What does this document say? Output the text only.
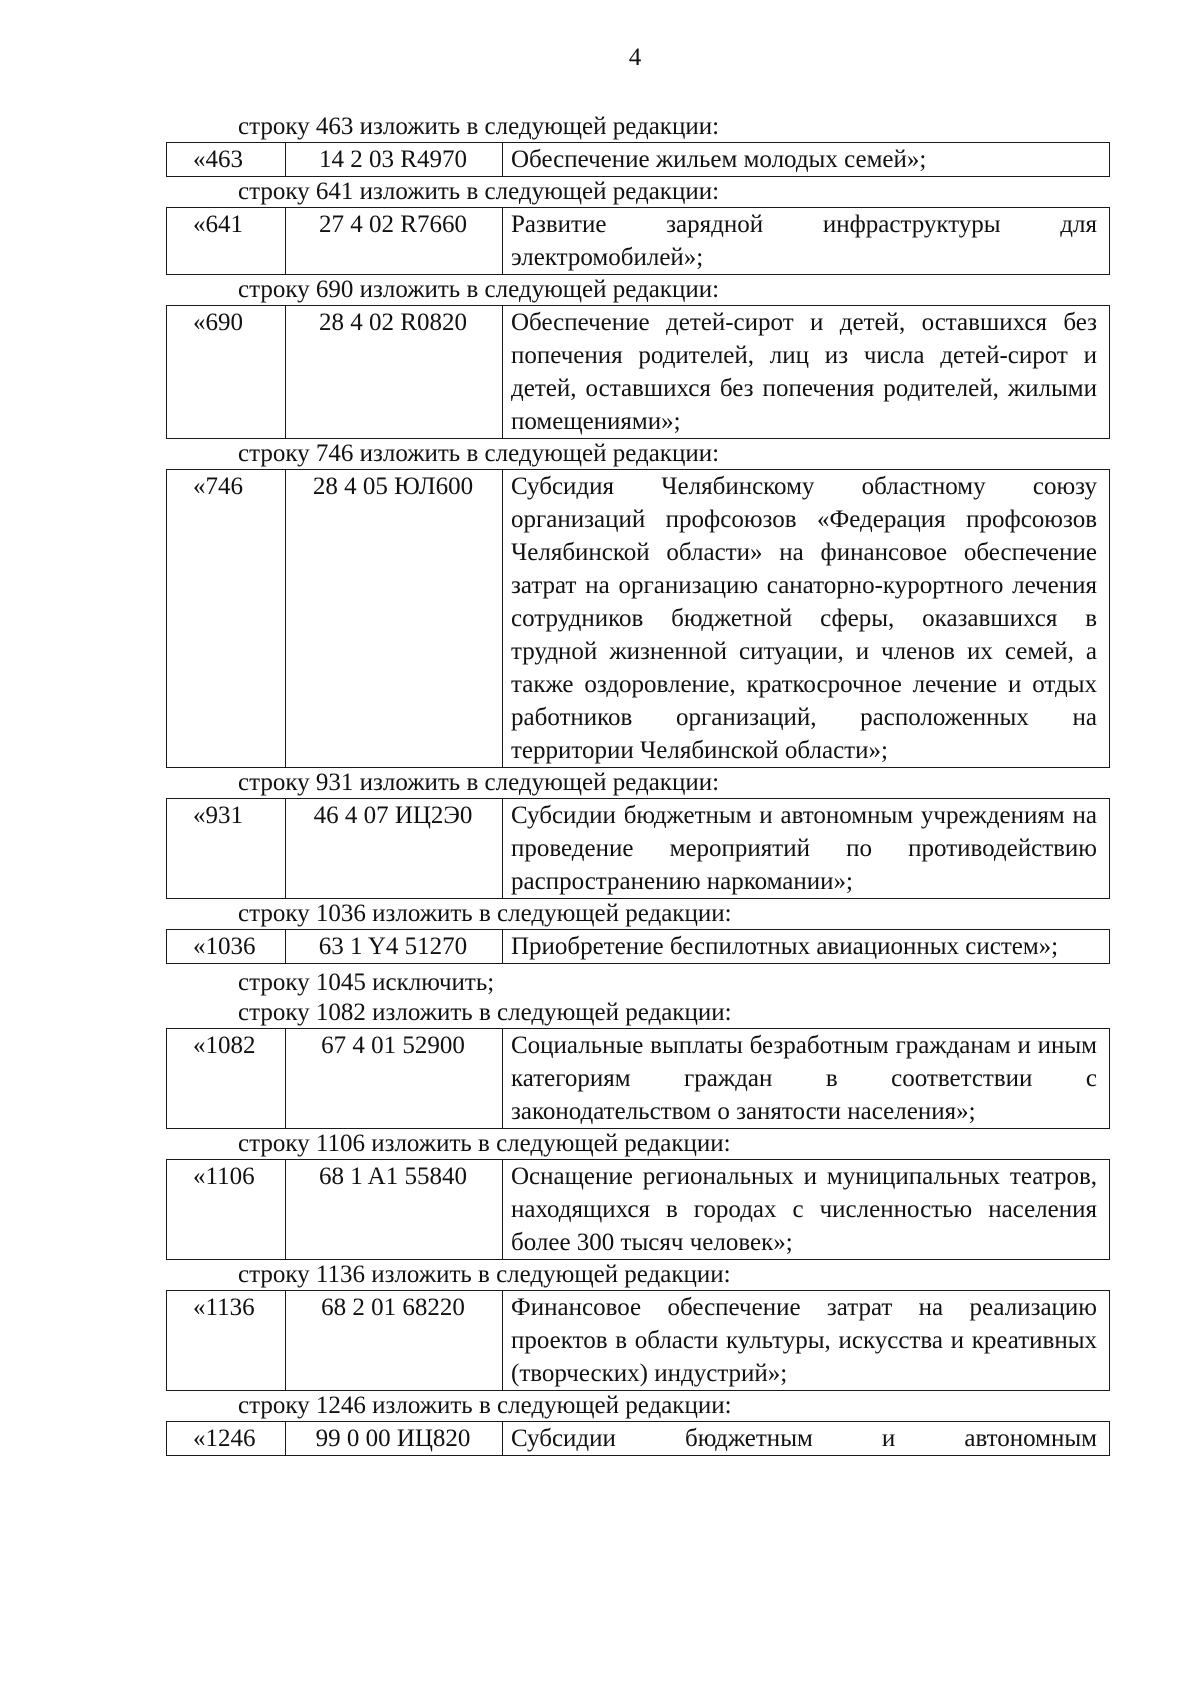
4
строку 463 изложить в следующей редакции:
«463	14 2 03 R4970	Обеспечение жильем молодых семей»;
строку 641 изложить в следующей редакции:
«641	27 4 02 R7660	Развитие зарядной инфраструктуры для электромобилей»;
строку 690 изложить в следующей редакции:
«690	28 4 02 R0820	Обеспечение детей-сирот и детей, оставшихся без попечения родителей, лиц из числа детей-сирот и детей, оставшихся без попечения родителей, жилыми помещениями»;
строку 746 изложить в следующей редакции:
«746	28 4 05 ЮЛ600	Субсидия Челябинскому областному союзу организаций профсоюзов «Федерация профсоюзов Челябинской области» на финансовое обеспечение затрат на организацию санаторно-курортного лечения сотрудников бюджетной сферы, оказавшихся в трудной жизненной ситуации, и членов их семей, а также оздоровление, краткосрочное лечение и отдых работников организаций, расположенных на территории Челябинской области»;
строку 931 изложить в следующей редакции:
«931	46 4 07 ИЦ2Э0	Субсидии бюджетным и автономным учреждениям на проведение мероприятий по противодействию распространению наркомании»;
строку 1036 изложить в следующей редакции:
«1036	63 1 Y4 51270	Приобретение беспилотных авиационных систем»;
строку 1045 исключить;
строку 1082 изложить в следующей редакции:
«1082	67 4 01 52900	Социальные выплаты безработным гражданам и иным категориям граждан в соответствии с законодательством о занятости населения»;
строку 1106 изложить в следующей редакции:
«1106	68 1 A1 55840	Оснащение региональных и муниципальных театров, находящихся в городах с численностью населения более 300 тысяч человек»;
строку 1136 изложить в следующей редакции:
«1136	68 2 01 68220	Финансовое обеспечение затрат на реализацию проектов в области культуры, искусства и креативных (творческих) индустрий»;
строку 1246 изложить в следующей редакции:
«1246	99 0 00 ИЦ820	Субсидии бюджетным и автономным
